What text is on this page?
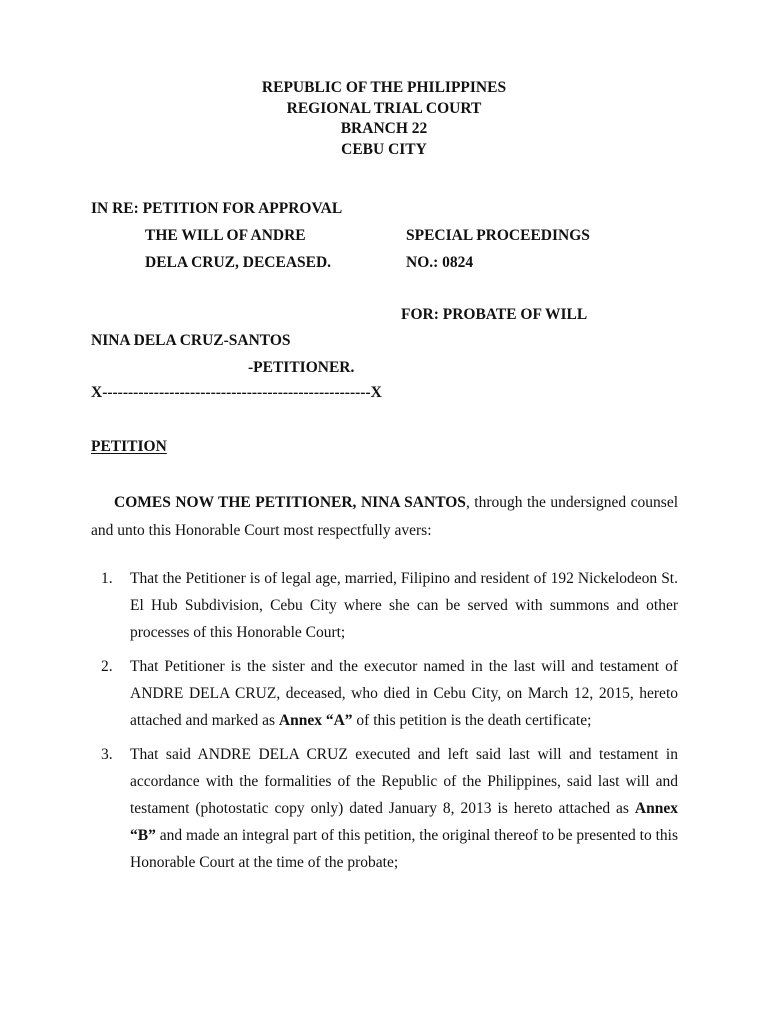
REPUBLIC OF THE PHILIPPINES
REGIONAL TRIAL COURT
BRANCH 22
CEBU CITY
IN RE: PETITION FOR APPROVAL
THE WILL OF ANDRE
DELA CRUZ, DECEASED.
SPECIAL PROCEEDINGS
NO.: 0824
FOR: PROBATE OF WILL
NINA DELA CRUZ-SANTOS
-PETITIONER.
X----------------------------------------------------X
PETITION
COMES NOW THE PETITIONER, NINA SANTOS, through the undersigned counsel and unto this Honorable Court most respectfully avers:
1. That the Petitioner is of legal age, married, Filipino and resident of 192 Nickelodeon St. El Hub Subdivision, Cebu City where she can be served with summons and other processes of this Honorable Court;
2. That Petitioner is the sister and the executor named in the last will and testament of ANDRE DELA CRUZ, deceased, who died in Cebu City, on March 12, 2015, hereto attached and marked as Annex “A” of this petition is the death certificate;
3. That said ANDRE DELA CRUZ executed and left said last will and testament in accordance with the formalities of the Republic of the Philippines, said last will and testament (photostatic copy only) dated January 8, 2013 is hereto attached as Annex “B” and made an integral part of this petition, the original thereof to be presented to this Honorable Court at the time of the probate;
